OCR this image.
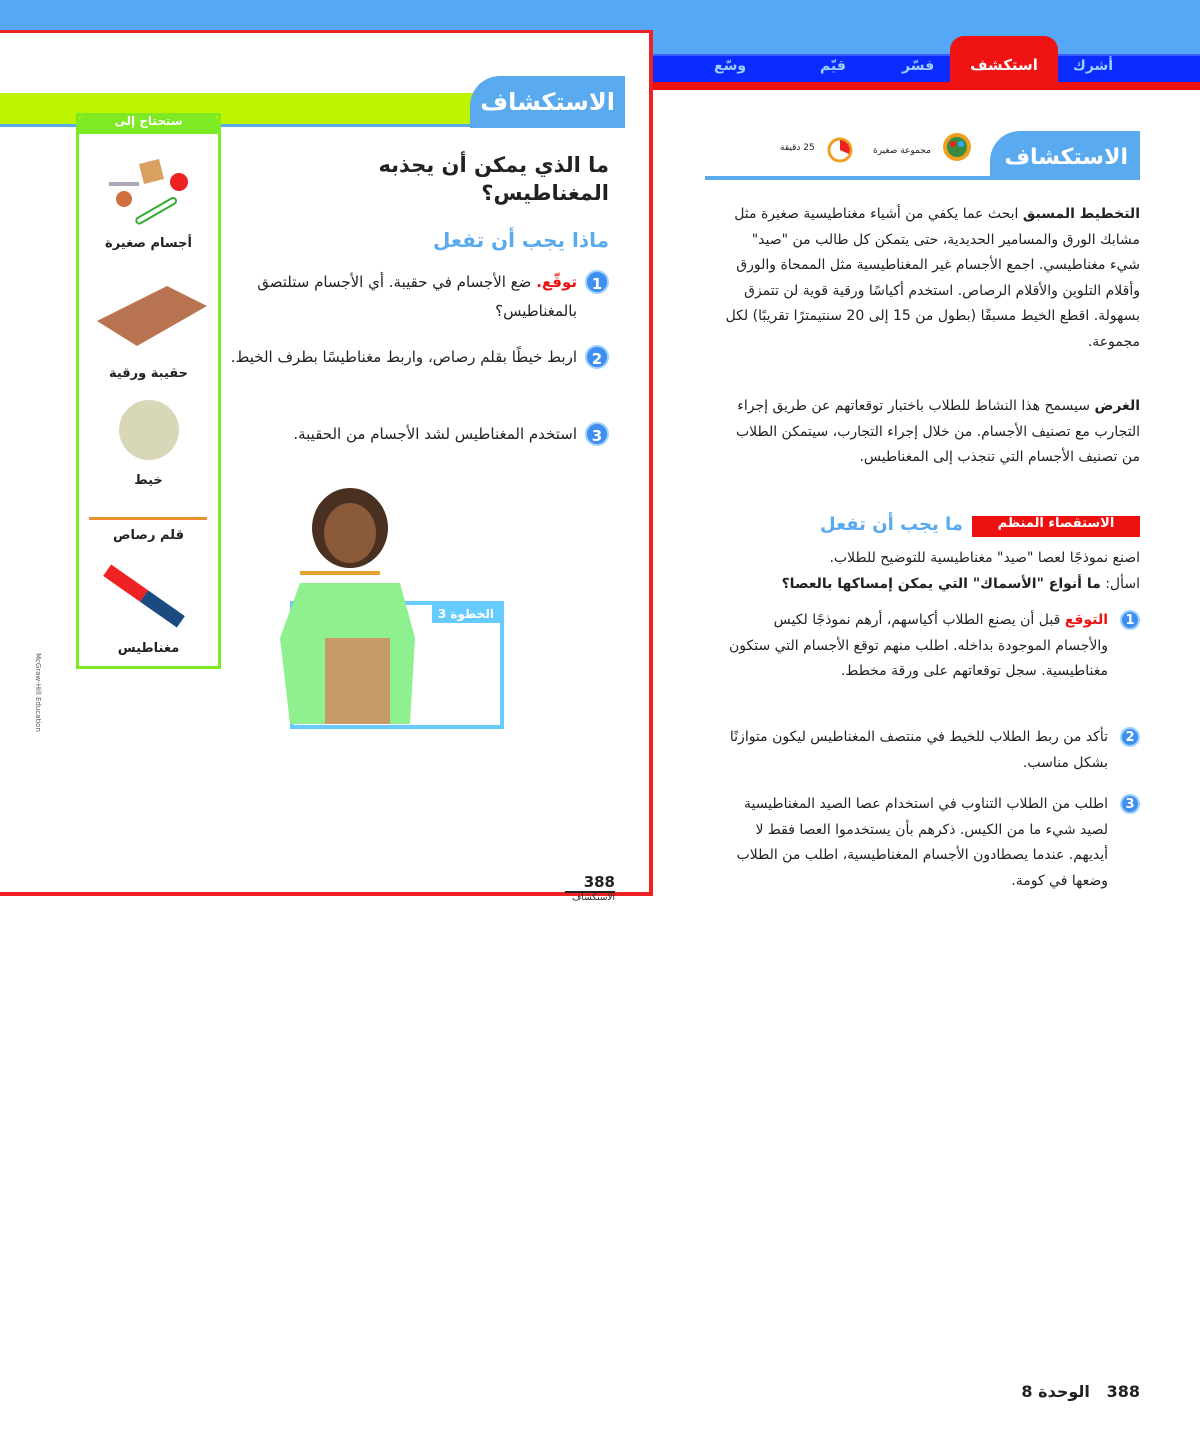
أشرك
استكشف
فسّر
قيّم
وسّع
الاستكشاف
ستحتاج إلى
أجسام صغيرة
حقيبة ورقية
خيط
قلم رصاص
مغناطيس
ما الذي يمكن أن يجذبه المغناطيس؟
ماذا يجب أن تفعل
1
توقّع. ضع الأجسام في حقيبة. أي الأجسام ستلتصق بالمغناطيس؟
2
اربط خيطًا بقلم رصاص، واربط مغناطيسًا بطرف الخيط.
3
استخدم المغناطيس لشد الأجسام من الحقيبة.
الخطوة 3
388
الاستكشاف
McGraw-Hill Education
الاستكشاف
مجموعة صغيرة
25 دقيقة
التخطيط المسبق ابحث عما يكفي من أشياء مغناطيسية صغيرة مثل مشابك الورق والمسامير الحديدية، حتى يتمكن كل طالب من "صيد" شيء مغناطيسي. اجمع الأجسام غير المغناطيسية مثل الممحاة والورق وأقلام التلوين والأقلام الرصاص. استخدم أكياسًا ورقية قوية لن تتمزق بسهولة. اقطع الخيط مسبقًا (بطول من 15 إلى 20 سنتيمترًا تقريبًا) لكل مجموعة.
الغرض سيسمح هذا النشاط للطلاب باختبار توقعاتهم عن طريق إجراء التجارب مع تصنيف الأجسام. من خلال إجراء التجارب، سيتمكن الطلاب من تصنيف الأجسام التي تنجذب إلى المغناطيس.
الاستقصاء المنظم
ما يجب أن تفعل
اصنع نموذجًا لعصا "صيد" مغناطيسية للتوضيح للطلاب.
اسأل: ما أنواع "الأسماك" التي يمكن إمساكها بالعصا؟
1
التوقع قبل أن يصنع الطلاب أكياسهم، أرهم نموذجًا لكيس والأجسام الموجودة بداخله. اطلب منهم توقع الأجسام التي ستكون مغناطيسية. سجل توقعاتهم على ورقة مخطط.
2
تأكد من ربط الطلاب للخيط في منتصف المغناطيس ليكون متوازنًا بشكل مناسب.
3
اطلب من الطلاب التناوب في استخدام عصا الصيد المغناطيسية لصيد شيء ما من الكيس. ذكرهم بأن يستخدموا العصا فقط لا أيديهم. عندما يصطادون الأجسام المغناطيسية، اطلب من الطلاب وضعها في كومة.
388   الوحدة 8
